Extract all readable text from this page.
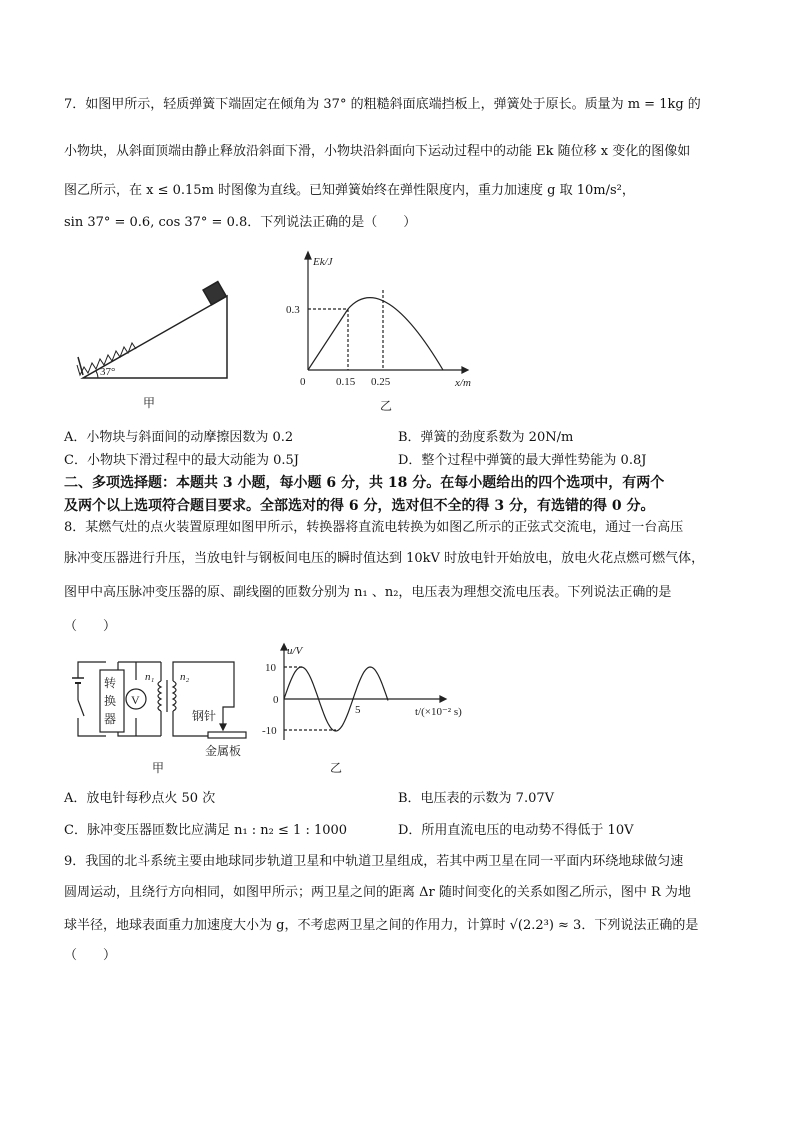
7．如图甲所示，轻质弹簧下端固定在倾角为 37° 的粗糙斜面底端挡板上，弹簧处于原长。质量为 m = 1kg 的
小物块，从斜面顶端由静止释放沿斜面下滑，小物块沿斜面向下运动过程中的动能 Ek 随位移 x 变化的图像如
图乙所示，在 x ≤ 0.15m 时图像为直线。已知弹簧始终在弹性限度内，重力加速度 g 取 10m/s²，
sin 37° = 0.6, cos 37° = 0.8．下列说法正确的是（　　）
37°
甲
Ek/J
0.3
0	0.15 0.25	x/m
乙
A．小物块与斜面间的动摩擦因数为 0.2	B．弹簧的劲度系数为 20N/m
C．小物块下滑过程中的最大动能为 0.5J	D．整个过程中弹簧的最大弹性势能为 0.8J
二、多项选择题：本题共 3 小题，每小题 6 分，共 18 分。在每小题给出的四个选项中，有两个
及两个以上选项符合题目要求。全部选对的得 6 分，选对但不全的得 3 分，有选错的得 0 分。
8．某燃气灶的点火装置原理如图甲所示，转换器将直流电转换为如图乙所示的正弦式交流电，通过一台高压
脉冲变压器进行升压，当放电针与钢板间电压的瞬时值达到 10kV 时放电针开始放电，放电火花点燃可燃气体，
图甲中高压脉冲变压器的原、副线圈的匝数分别为 n₁ 、n₂，电压表为理想交流电压表。下列说法正确的是
（　　）
转
换
器
V
n₁ n₂
钢针
金属板
甲
u/V
10
0
-10
5	t/(×10⁻² s)
乙
A．放电针每秒点火 50 次	B．电压表的示数为 7.07V
C．脉冲变压器匝数比应满足 n₁ : n₂ ≤ 1 : 1000	D．所用直流电压的电动势不得低于 10V
9．我国的北斗系统主要由地球同步轨道卫星和中轨道卫星组成，若其中两卫星在同一平面内环绕地球做匀速
圆周运动，且绕行方向相同，如图甲所示；两卫星之间的距离 Δr 随时间变化的关系如图乙所示，图中 R 为地
球半径，地球表面重力加速度大小为 g，不考虑两卫星之间的作用力，计算时 √(2.2³) ≈ 3．下列说法正确的是
（　　）
